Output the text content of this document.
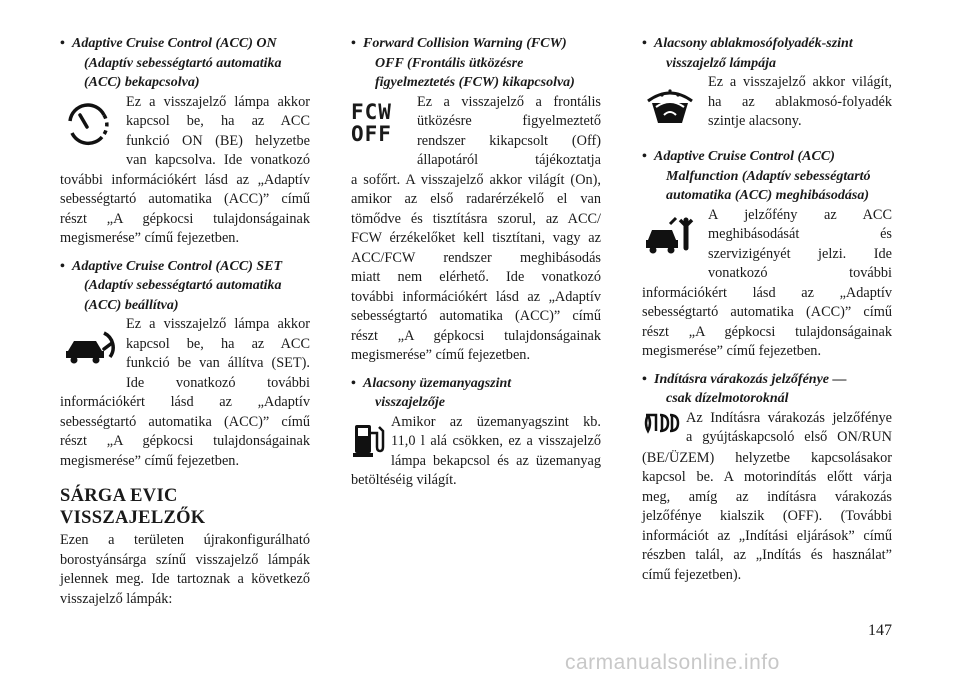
• Adaptive Cruise Control (ACC) ON
(Adaptív sebességtartó automatika
(ACC) bekapcsolva)
Ez a visszajelző lámpa akkor
kapcsol be, ha az ACC
funkció ON (BE) helyzetbe
van kapcsolva. Ide vonatkozó
további információkért lásd az „Adaptív
sebességtartó automatika (ACC)” című
részt „A gépkocsi tulajdonságainak
megismerése” című fejezetben.
• Adaptive Cruise Control (ACC) SET
(Adaptív sebességtartó automatika
(ACC) beállítva)
Ez a visszajelző lámpa akkor
kapcsol be, ha az ACC
funkció be van állítva (SET).
Ide vonatkozó további
információkért lásd az „Adaptív
sebességtartó automatika (ACC)” című
részt „A gépkocsi tulajdonságainak
megismerése” című fejezetben.
SÁRGA EVIC
VISSZAJELZŐK
Ezen a területen újrakonfigurálható
borostyánsárga színű visszajelző lámpák
jelennek meg. Ide tartoznak a következő
visszajelző lámpák:
• Forward Collision Warning (FCW)
OFF (Frontális ütközésre
figyelmeztetés (FCW) kikapcsolva)
FCW
OFF
Ez a visszajelző a frontális
ütközésre figyelmeztető
rendszer kikapcsolt (Off)
állapotáról tájékoztatja
a sofőrt. A visszajelző akkor világít (On),
amikor az első radarérzékelő el van
tömődve és tisztításra szorul, az ACC/
FCW érzékelőket kell tisztítani, vagy az
ACC/FCW rendszer meghibásodás
miatt nem elérhető. Ide vonatkozó
további információkért lásd az „Adaptív
sebességtartó automatika (ACC)” című
részt „A gépkocsi tulajdonságainak
megismerése” című fejezetben.
• Alacsony üzemanyagszint
visszajelzője
Amikor az üzemanyagszint kb.
11,0 l alá csökken, ez a visszajelző
lámpa bekapcsol és az üzemanyag
betöltéséig világít.
• Alacsony ablakmosófolyadék-szint
visszajelző lámpája
Ez a visszajelző akkor világít,
ha az ablakmosó-folyadék
szintje alacsony.
• Adaptive Cruise Control (ACC)
Malfunction (Adaptív sebességtartó
automatika (ACC) meghibásodása)
A jelzőfény az ACC
meghibásodását és
szervizigényét jelzi. Ide
vonatkozó további
információkért lásd az „Adaptív
sebességtartó automatika (ACC)” című
részt „A gépkocsi tulajdonságainak
megismerése” című fejezetben.
• Indításra várakozás jelzőfénye —
csak dízelmotoroknál
Az Indításra várakozás jelzőfénye
a gyújtáskapcsoló első ON/RUN
(BE/ÜZEM) helyzetbe kapcsolásakor
kapcsol be. A motorindítás előtt várja
meg, amíg az indításra várakozás
jelzőfénye kialszik (OFF). (További
információt az „Indítási eljárások” című
részben talál, az „Indítás és használat”
című fejezetben).
147
carmanualsonline.info
